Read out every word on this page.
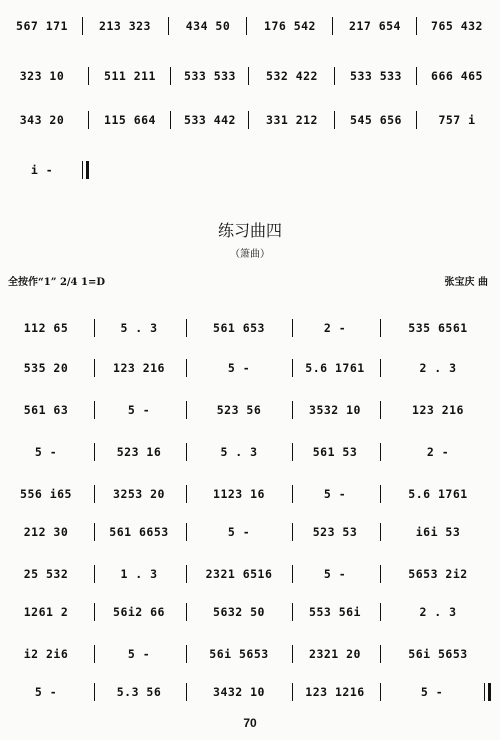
567 171	213 323	434 50	176 542	217 654	765 432
323 10	511 211	533 533	532 422	533 533	666 465
343 20	115 664	533 442	331 212	545 656	757 i
i -
练习曲四
（箫曲）
全按作“1” 2/4 1=D	张宝庆 曲
112 65	5 . 3	561 653	2 -	535 6561
535 20	123 216	5 -	5.6 1761	2 . 3
561 63	5 -	523 56	3532 10	123 216
5 -	523 16	5 . 3	561 53	2 -
556 i65	3253 20	1123 16	5 -	5.6 1761
212 30	561 6653	5 -	523 53	i6i 53
25 532	1 . 3	2321 6516	5 -	5653 2i2
1261 2	56i2 66	5632 50	553 56i	2 . 3
i2 2i6	5 -	56i 5653	2321 20	56i 5653
5 -	5.3 56	3432 10	123 1216	5 -
70
